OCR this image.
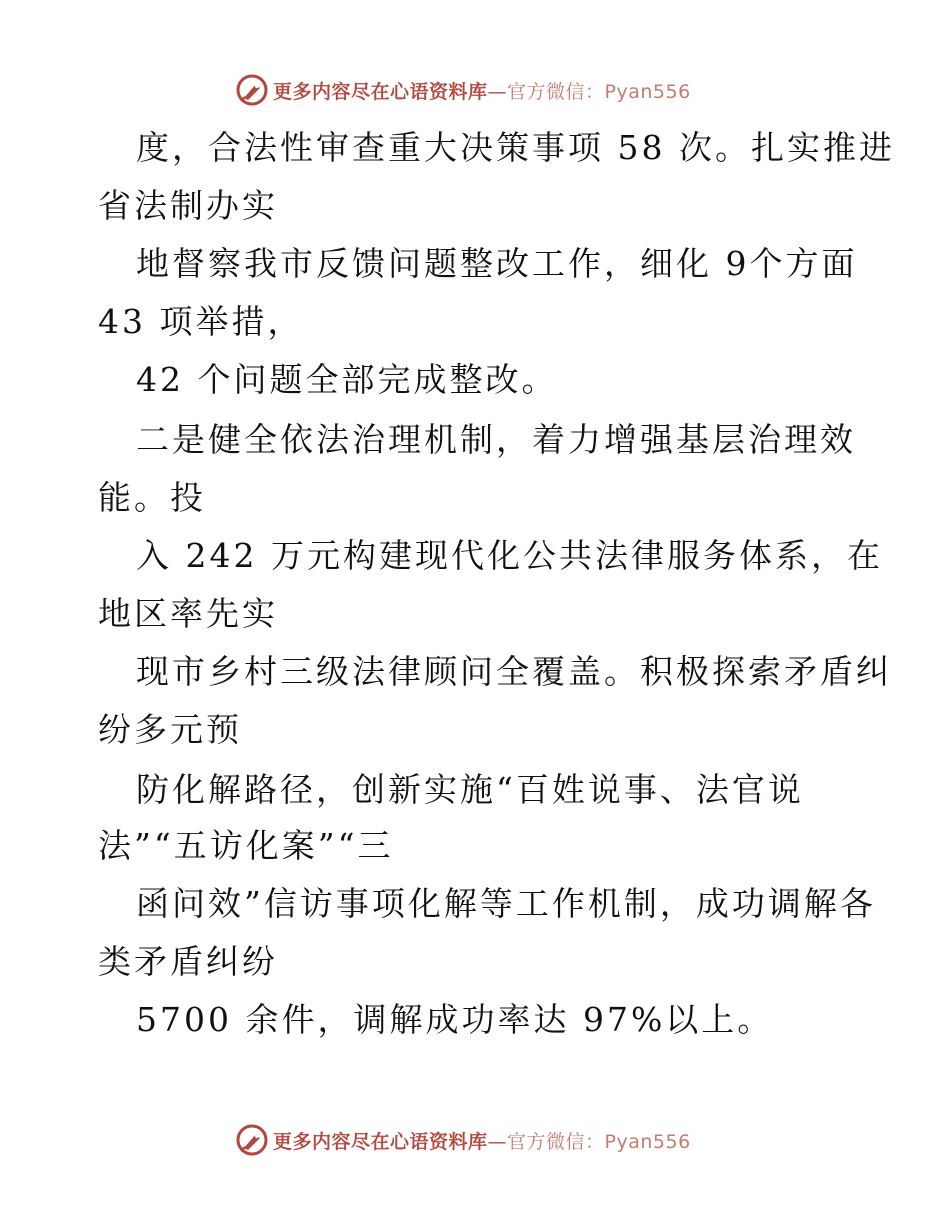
更多内容尽在心语资料库—官方微信：Pyan556
度，合法性审查重大决策事项 58 次。扎实推进
省法制办实
地督察我市反馈问题整改工作，细化 9个方面
43 项举措，
42 个问题全部完成整改。
二是健全依法治理机制，着力增强基层治理效
能。投
入 242 万元构建现代化公共法律服务体系，在
地区率先实
现市乡村三级法律顾问全覆盖。积极探索矛盾纠
纷多元预
防化解路径，创新实施“百姓说事、法官说
法”“五访化案”“三
函问效”信访事项化解等工作机制，成功调解各
类矛盾纠纷
5700 余件，调解成功率达 97%以上。
更多内容尽在心语资料库—官方微信：Pyan556
